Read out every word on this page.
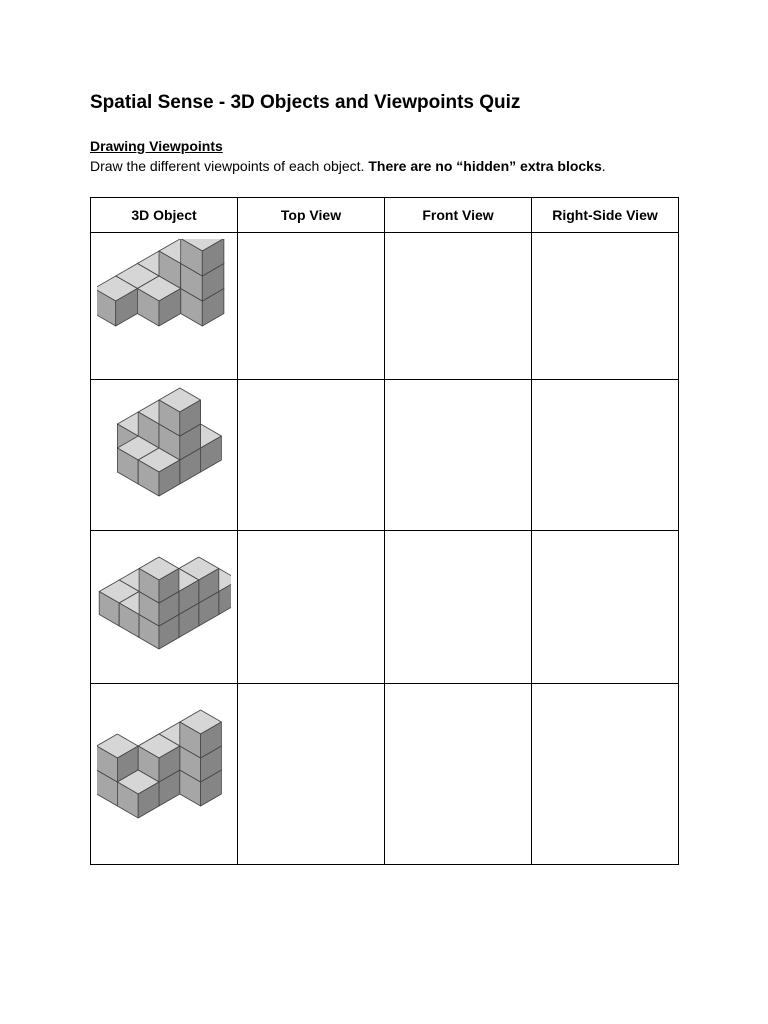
Spatial Sense - 3D Objects and Viewpoints Quiz
Drawing Viewpoints
Draw the different viewpoints of each object. There are no “hidden” extra blocks.
3D Object	Top View	Front View	Right-Side View
